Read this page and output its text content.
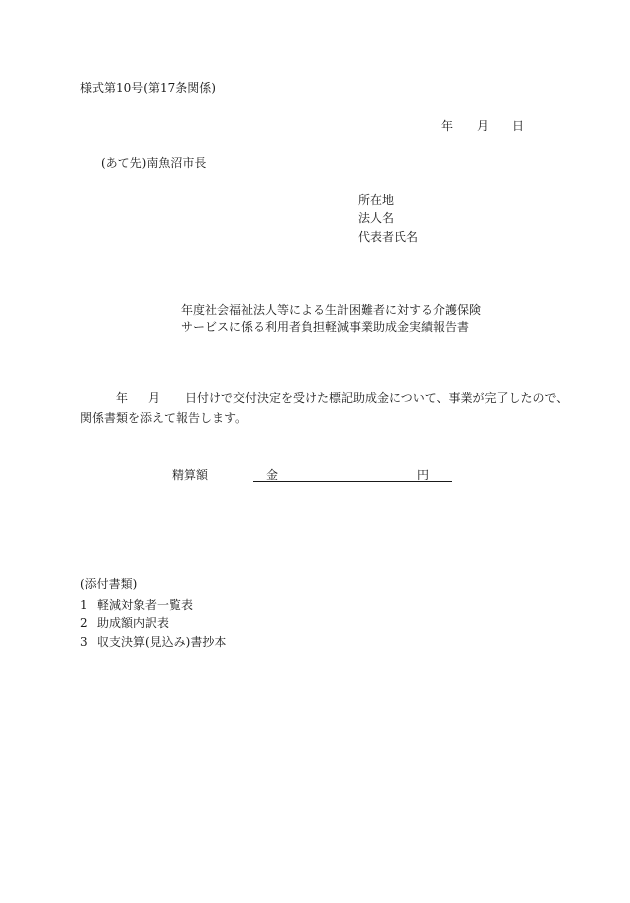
様式第10号(第17条関係)
年 月 日
(あて先)南魚沼市長
所在地
法人名
代表者氏名
年度社会福祉法人等による生計困難者に対する介護保険
サービスに係る利用者負担軽減事業助成金実績報告書
年 月 日付けで交付決定を受けた標記助成金について、事業が完了したので、
関係書類を添えて報告します。
精算額	金	円
(添付書類)
1 軽減対象者一覧表
2 助成額内訳表
3 収支決算(見込み)書抄本
